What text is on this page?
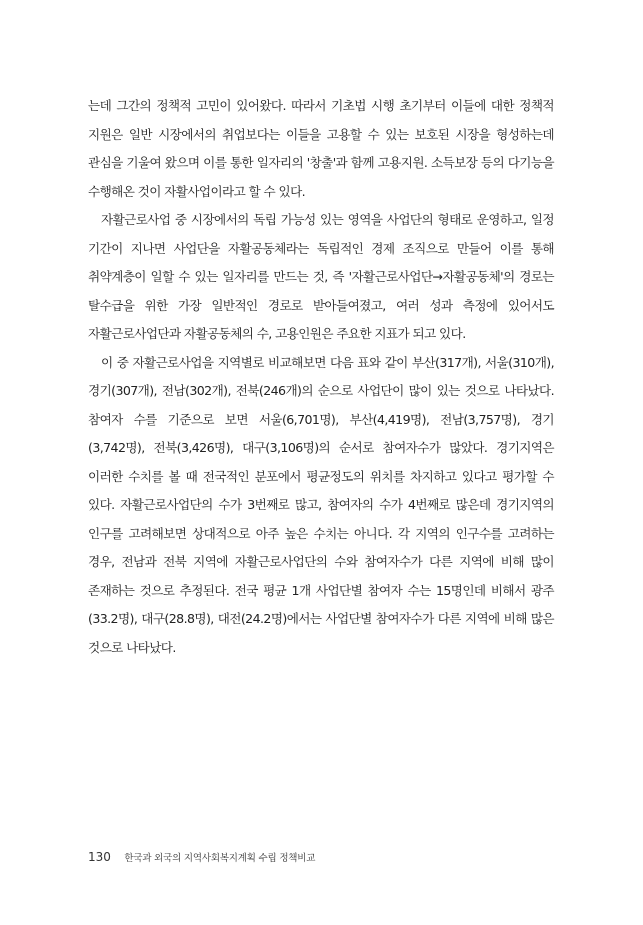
는데 그간의 정책적 고민이 있어왔다. 따라서 기초법 시행 초기부터 이들에 대한 정책적 지원은 일반 시장에서의 취업보다는 이들을 고용할 수 있는 보호된 시장을 형성하는데 관심을 기울여 왔으며 이를 통한 일자리의 '창출'과 함께 고용지원. 소득보장 등의 다기능을 수행해온 것이 자활사업이라고 할 수 있다.

자활근로사업 중 시장에서의 독립 가능성 있는 영역을 사업단의 형태로 운영하고, 일정 기간이 지나면 사업단을 자활공동체라는 독립적인 경제 조직으로 만들어 이를 통해 취약계층이 일할 수 있는 일자리를 만드는 것, 즉 '자활근로사업단→자활공동체'의 경로는 탈수급을 위한 가장 일반적인 경로로 받아들여졌고, 여러 성과 측정에 있어서도 자활근로사업단과 자활공동체의 수, 고용인원은 주요한 지표가 되고 있다.

이 중 자활근로사업을 지역별로 비교해보면 다음 표와 같이 부산(317개), 서울(310개), 경기(307개), 전남(302개), 전북(246개)의 순으로 사업단이 많이 있는 것으로 나타났다. 참여자 수를 기준으로 보면 서울(6,701명), 부산(4,419명), 전남(3,757명), 경기(3,742명), 전북(3,426명), 대구(3,106명)의 순서로 참여자수가 많았다. 경기지역은 이러한 수치를 볼 때 전국적인 분포에서 평균정도의 위치를 차지하고 있다고 평가할 수 있다. 자활근로사업단의 수가 3번째로 많고, 참여자의 수가 4번째로 많은데 경기지역의 인구를 고려해보면 상대적으로 아주 높은 수치는 아니다. 각 지역의 인구수를 고려하는 경우, 전남과 전북 지역에 자활근로사업단의 수와 참여자수가 다른 지역에 비해 많이 존재하는 것으로 추정된다. 전국 평균 1개 사업단별 참여자 수는 15명인데 비해서 광주(33.2명), 대구(28.8명), 대전(24.2명)에서는 사업단별 참여자수가 다른 지역에 비해 많은 것으로 나타났다.

130 한국과 외국의 지역사회복지계획 수립 정책비교
